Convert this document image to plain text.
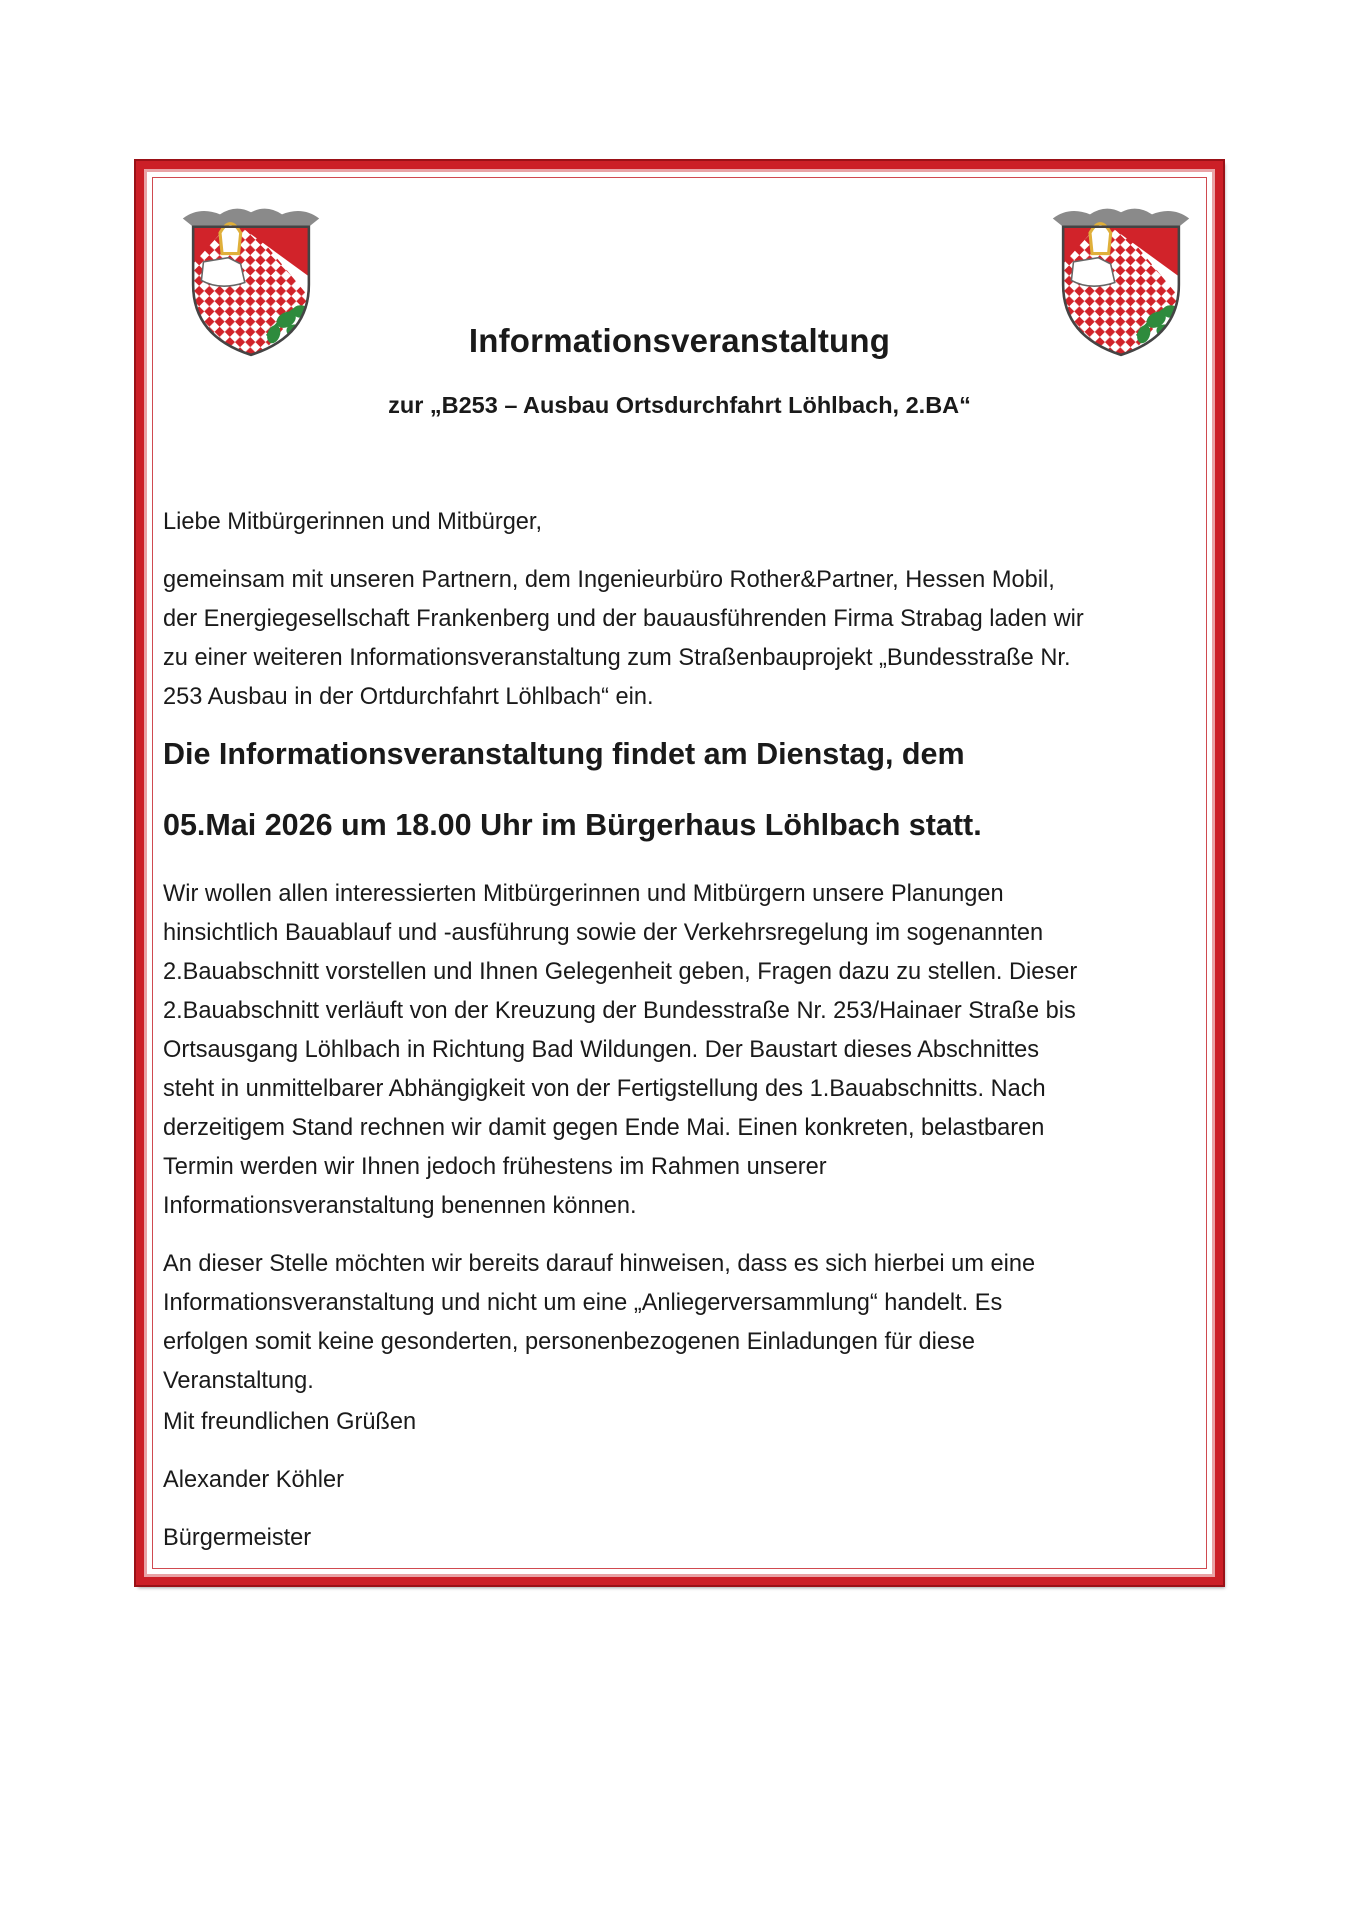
Informationsveranstaltung
zur „B253 – Ausbau Ortsdurchfahrt Löhlbach, 2.BA“
Liebe Mitbürgerinnen und Mitbürger,

gemeinsam mit unseren Partnern, dem Ingenieurbüro Rother&Partner, Hessen Mobil,

der Energiegesellschaft Frankenberg und der bauausführenden Firma Strabag laden wir

zu einer weiteren Informationsveranstaltung zum Straßenbauprojekt „Bundesstraße Nr.

253 Ausbau in der Ortdurchfahrt Löhlbach“ ein.

Die Informationsveranstaltung findet am Dienstag, dem
05.Mai 2026 um 18.00 Uhr im Bürgerhaus Löhlbach statt.

Wir wollen allen interessierten Mitbürgerinnen und Mitbürgern unsere Planungen

hinsichtlich Bauablauf und -ausführung sowie der Verkehrsregelung im sogenannten

2.Bauabschnitt vorstellen und Ihnen Gelegenheit geben, Fragen dazu zu stellen. Dieser

2.Bauabschnitt verläuft von der Kreuzung der Bundesstraße Nr. 253/Hainaer Straße bis

Ortsausgang Löhlbach in Richtung Bad Wildungen. Der Baustart dieses Abschnittes

steht in unmittelbarer Abhängigkeit von der Fertigstellung des 1.Bauabschnitts. Nach

derzeitigem Stand rechnen wir damit gegen Ende Mai. Einen konkreten, belastbaren

Termin werden wir Ihnen jedoch frühestens im Rahmen unserer

Informationsveranstaltung benennen können.

An dieser Stelle möchten wir bereits darauf hinweisen, dass es sich hierbei um eine

Informationsveranstaltung und nicht um eine „Anliegerversammlung“ handelt. Es

erfolgen somit keine gesonderten, personenbezogenen Einladungen für diese

Veranstaltung.

Mit freundlichen Grüßen
Alexander Köhler
Bürgermeister
